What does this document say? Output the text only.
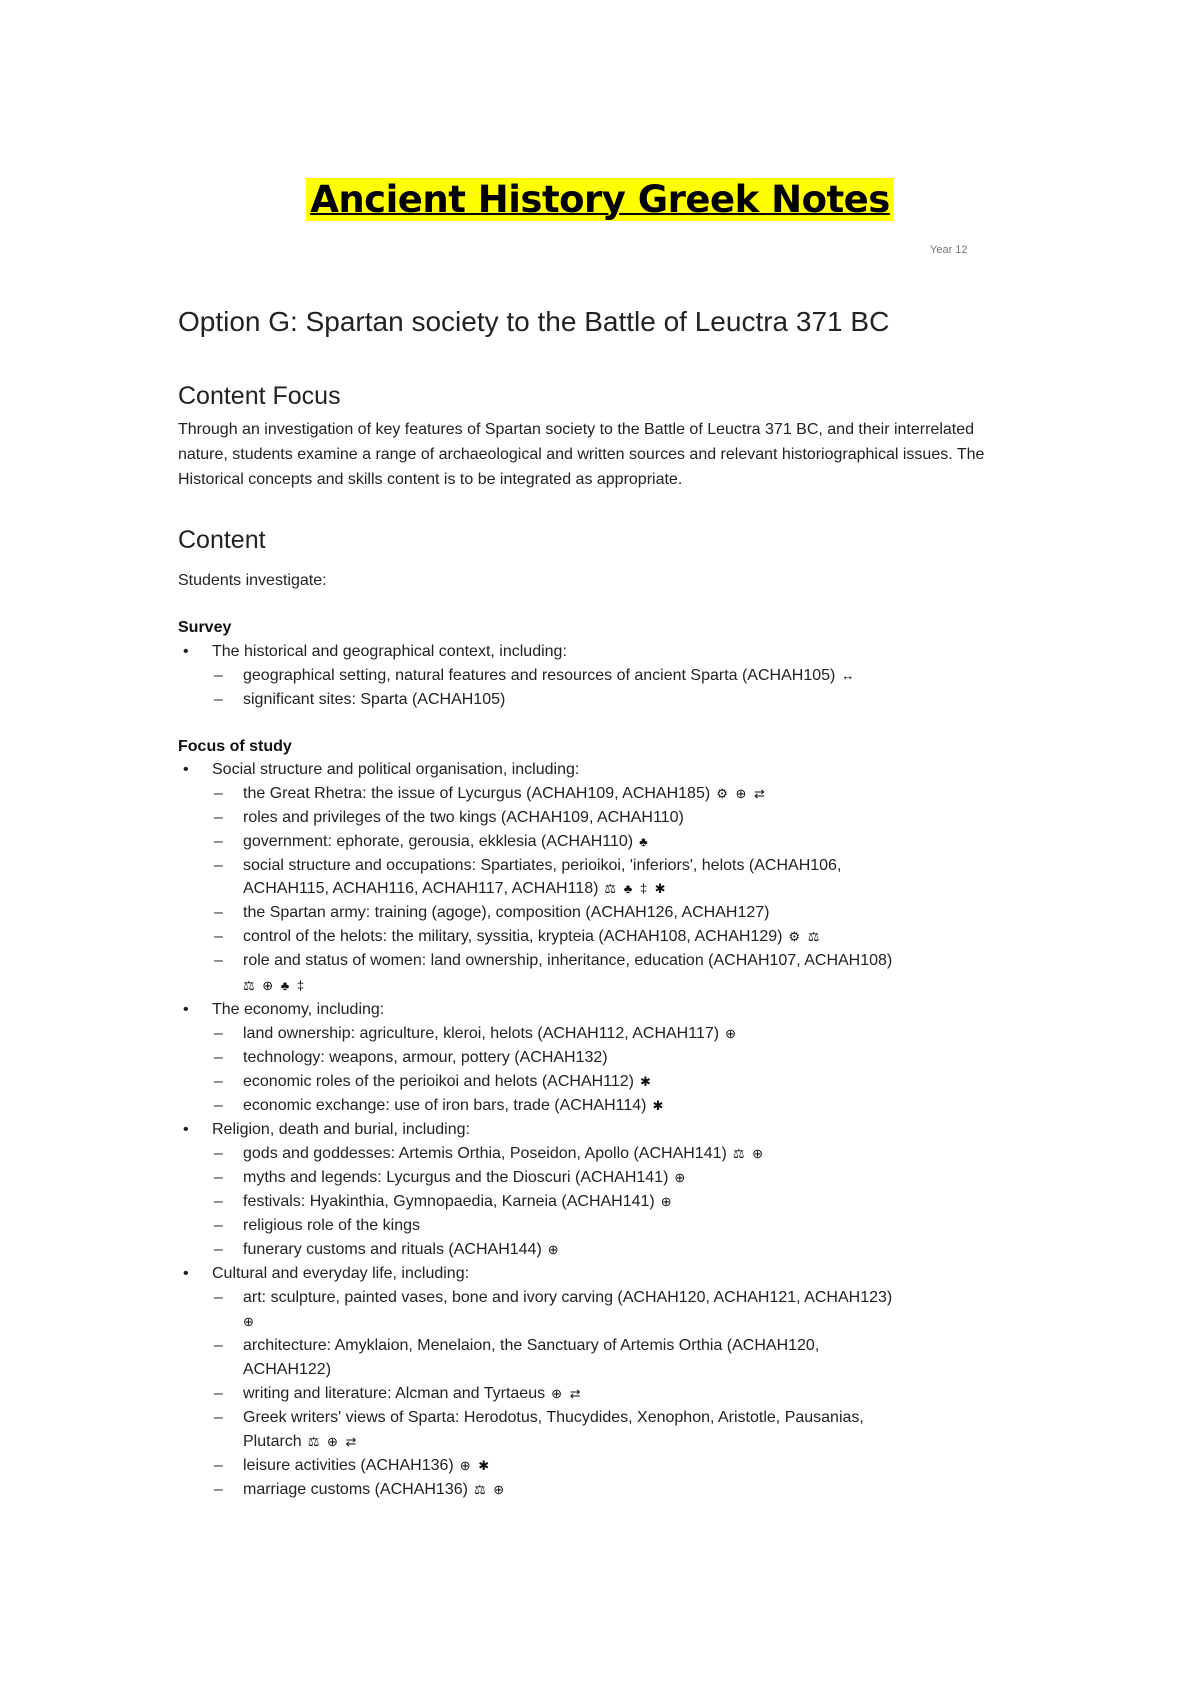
Ancient History Greek Notes
Year 12
Option G: Spartan society to the Battle of Leuctra 371 BC
Content Focus
Through an investigation of key features of Spartan society to the Battle of Leuctra 371 BC, and their interrelated nature, students examine a range of archaeological and written sources and relevant historiographical issues. The Historical concepts and skills content is to be integrated as appropriate.
Content
Students investigate:
Survey
• The historical and geographical context, including:
– geographical setting, natural features and resources of ancient Sparta (ACHAH105) ↔
– significant sites: Sparta (ACHAH105)
Focus of study
• Social structure and political organisation, including:
– the Great Rhetra: the issue of Lycurgus (ACHAH109, ACHAH185) ⚙ ⊕ ⇄
– roles and privileges of the two kings (ACHAH109, ACHAH110)
– government: ephorate, gerousia, ekklesia (ACHAH110) ♣
– social structure and occupations: Spartiates, perioikoi, 'inferiors', helots (ACHAH106,
ACHAH115, ACHAH116, ACHAH117, ACHAH118) ⚖ ♣ ‡ ✱
– the Spartan army: training (agoge), composition (ACHAH126, ACHAH127)
– control of the helots: the military, syssitia, krypteia (ACHAH108, ACHAH129) ⚙ ⚖
– role and status of women: land ownership, inheritance, education (ACHAH107, ACHAH108)
⚖ ⊕ ♣ ‡
• The economy, including:
– land ownership: agriculture, kleroi, helots (ACHAH112, ACHAH117) ⊕
– technology: weapons, armour, pottery (ACHAH132)
– economic roles of the perioikoi and helots (ACHAH112) ✱
– economic exchange: use of iron bars, trade (ACHAH114) ✱
• Religion, death and burial, including:
– gods and goddesses: Artemis Orthia, Poseidon, Apollo (ACHAH141) ⚖ ⊕
– myths and legends: Lycurgus and the Dioscuri (ACHAH141) ⊕
– festivals: Hyakinthia, Gymnopaedia, Karneia (ACHAH141) ⊕
– religious role of the kings
– funerary customs and rituals (ACHAH144) ⊕
• Cultural and everyday life, including:
– art: sculpture, painted vases, bone and ivory carving (ACHAH120, ACHAH121, ACHAH123)
⊕
– architecture: Amyklaion, Menelaion, the Sanctuary of Artemis Orthia (ACHAH120,
ACHAH122)
– writing and literature: Alcman and Tyrtaeus ⊕ ⇄
– Greek writers' views of Sparta: Herodotus, Thucydides, Xenophon, Aristotle, Pausanias,
Plutarch ⚖ ⊕ ⇄
– leisure activities (ACHAH136) ⊕ ✱
– marriage customs (ACHAH136) ⚖ ⊕
